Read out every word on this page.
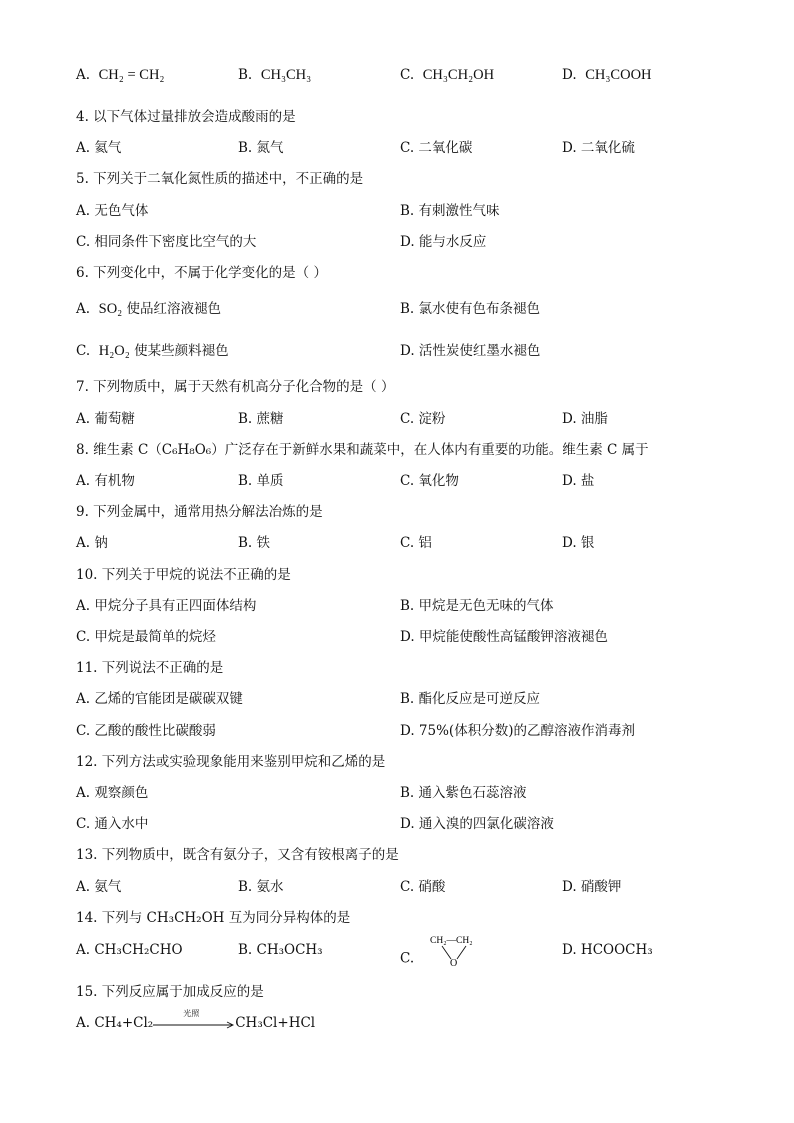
A. CH₂ = CH₂	B. CH₃CH₃	C. CH₃CH₂OH	D. CH₃COOH
4. 以下气体过量排放会造成酸雨的是
A. 氦气	B. 氮气	C. 二氧化碳	D. 二氧化硫
5. 下列关于二氧化氮性质的描述中，不正确的是
A. 无色气体	B. 有刺激性气味
C. 相同条件下密度比空气的大	D. 能与水反应
6. 下列变化中，不属于化学变化的是（ ）
A. SO₂ 使品红溶液褪色	B. 氯水使有色布条褪色
C. H₂O₂ 使某些颜料褪色	D. 活性炭使红墨水褪色
7. 下列物质中，属于天然有机高分子化合物的是（ ）
A. 葡萄糖	B. 蔗糖	C. 淀粉	D. 油脂
8. 维生素 C（C₆H₈O₆）广泛存在于新鲜水果和蔬菜中，在人体内有重要的功能。维生素 C 属于
A. 有机物	B. 单质	C. 氧化物	D. 盐
9. 下列金属中，通常用热分解法冶炼的是
A. 钠	B. 铁	C. 铝	D. 银
10. 下列关于甲烷的说法不正确的是
A. 甲烷分子具有正四面体结构	B. 甲烷是无色无味的气体
C. 甲烷是最简单的烷烃	D. 甲烷能使酸性高锰酸钾溶液褪色
11. 下列说法不正确的是
A. 乙烯的官能团是碳碳双键	B. 酯化反应是可逆反应
C. 乙酸的酸性比碳酸弱	D. 75%(体积分数)的乙醇溶液作消毒剂
12. 下列方法或实验现象能用来鉴别甲烷和乙烯的是
A. 观察颜色	B. 通入紫色石蕊溶液
C. 通入水中	D. 通入溴的四氯化碳溶液
13. 下列物质中，既含有氨分子，又含有铵根离子的是
A. 氨气	B. 氨水	C. 硝酸	D. 硝酸钾
14. 下列与 CH₃CH₂OH 互为同分异构体的是
A. CH₃CH₂CHO	B. CH₃OCH₃
C.
CH₂—CH₂
O
D. HCOOCH₃
15. 下列反应属于加成反应的是
A. CH₄+Cl₂
光照
CH₃Cl+HCl
